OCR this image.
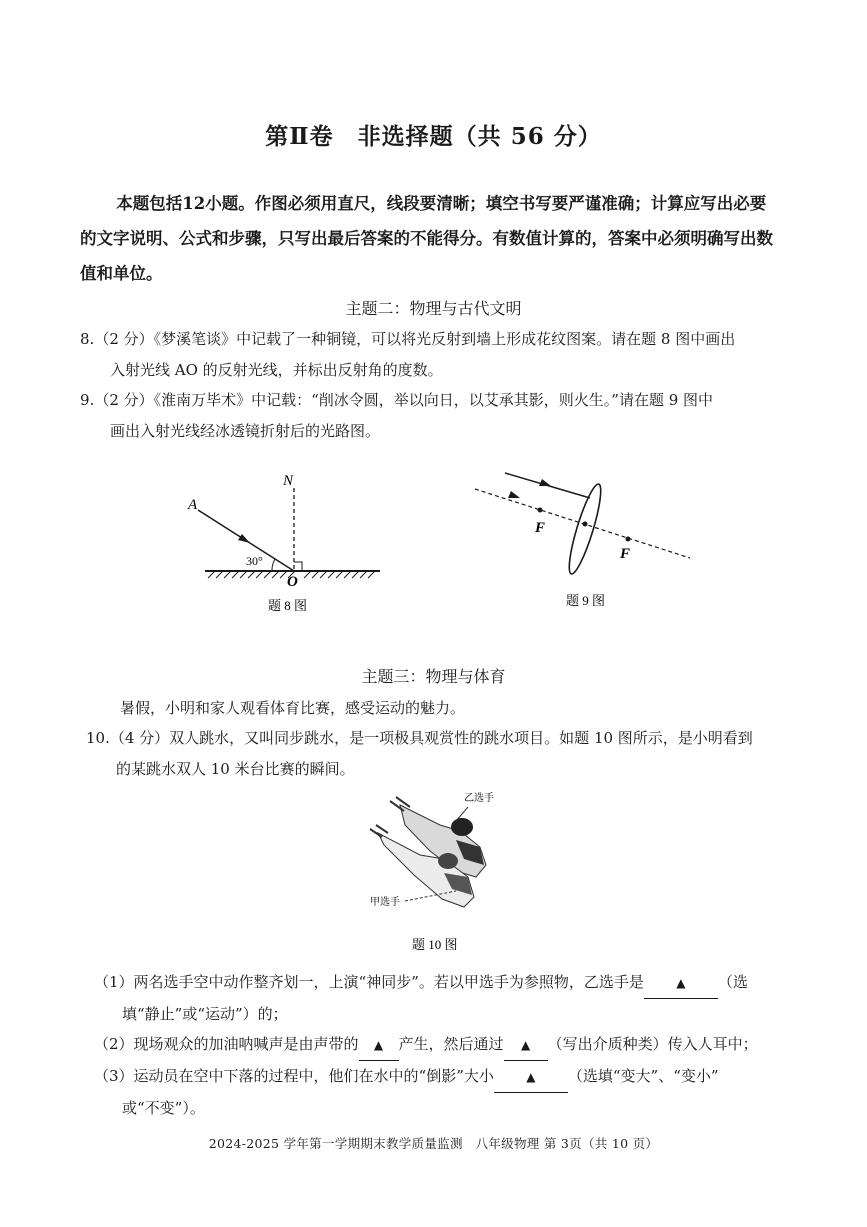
第Ⅱ卷　非选择题（共 56 分）
本题包括12小题。作图必须用直尺，线段要清晰；填空书写要严谨准确；计算应写出必要的文字说明、公式和步骤，只写出最后答案的不能得分。有数值计算的，答案中必须明确写出数值和单位。
主题二：物理与古代文明
8.（2 分）《梦溪笔谈》中记载了一种铜镜，可以将光反射到墙上形成花纹图案。请在题 8 图中画出
入射光线 AO 的反射光线，并标出反射角的度数。
9.（2 分）《淮南万毕术》中记载：“削冰令圆，举以向日，以艾承其影，则火生。”请在题 9 图中
画出入射光线经冰透镜折射后的光路图。
A
N
O
30°
题 8 图
F
F
题 9 图
主题三：物理与体育
暑假，小明和家人观看体育比赛，感受运动的魅力。
10.（4 分）双人跳水，又叫同步跳水，是一项极具观赏性的跳水项目。如题 10 图所示，是小明看到
的某跳水双人 10 米台比赛的瞬间。
乙选手
甲选手
题 10 图
（1）两名选手空中动作整齐划一，上演“神同步”。若以甲选手为参照物，乙选手是	▲ （选
填“静止”或“运动”）的；
（2）现场观众的加油呐喊声是由声带的 ▲ 产生，然后通过 ▲ （写出介质种类）传入人耳中；
（3）运动员在空中下落的过程中，他们在水中的“倒影”大小	▲ （选填“变大”、“变小”
或“不变”）。
2024-2025 学年第一学期期末教学质量监测　八年级物理 第 3页（共 10 页）
